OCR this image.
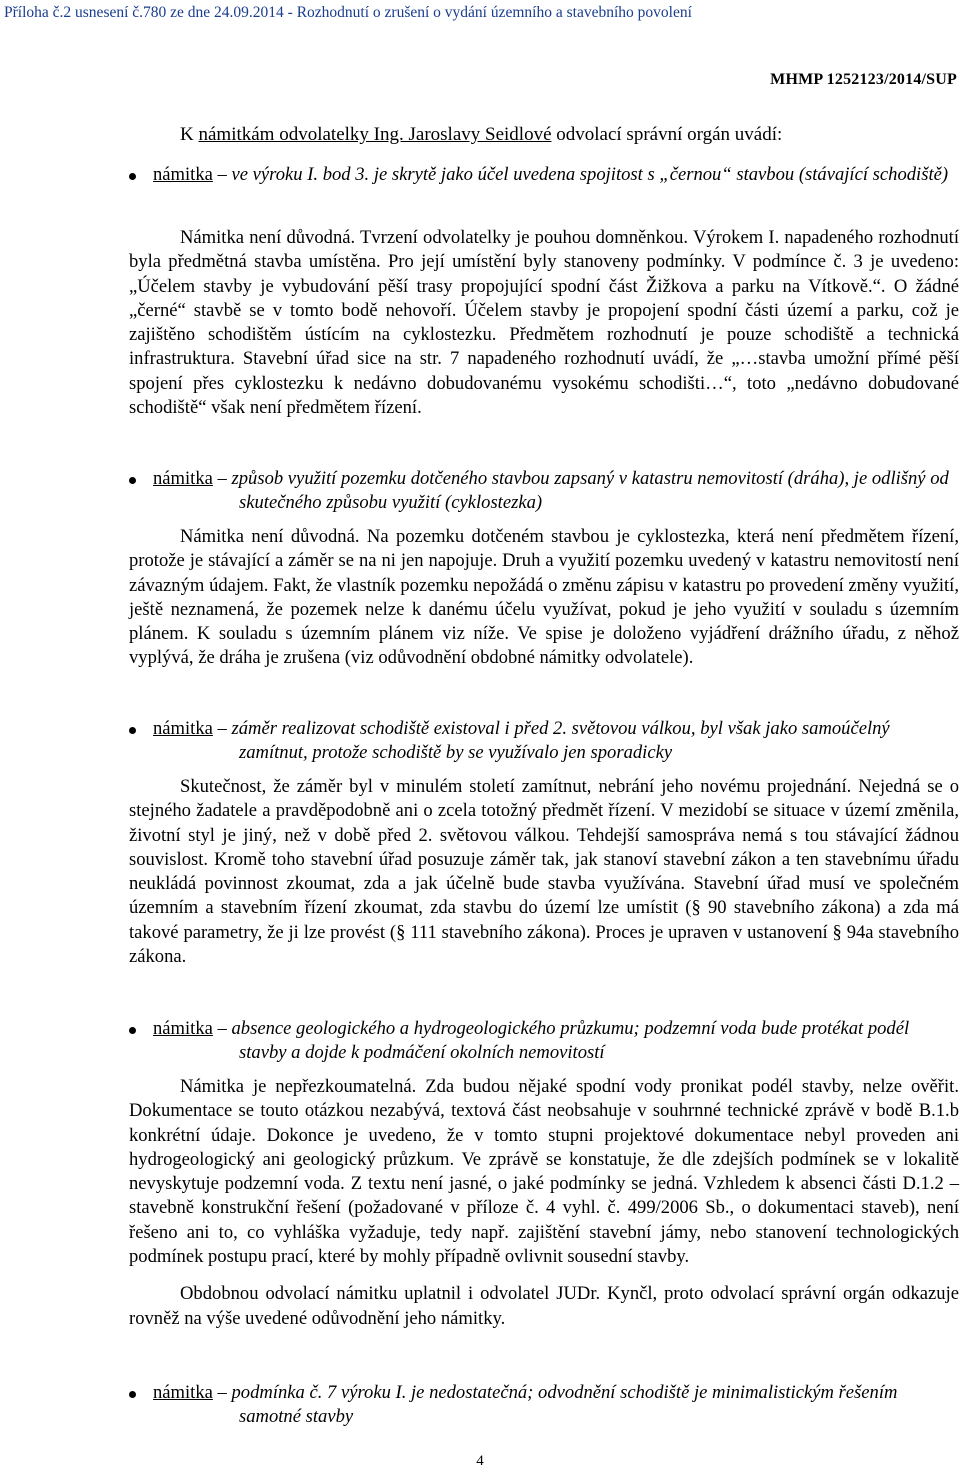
Příloha č.2 usnesení č.780 ze dne 24.09.2014 - Rozhodnutí o zrušení o vydání územního a stavebního povolení
MHMP 1252123/2014/SUP
K námitkám odvolatelky Ing. Jaroslavy Seidlové odvolací správní orgán uvádí:
námitka – ve výroku I. bod 3. je skrytě jako účel uvedena spojitost s „černou“ stavbou (stávající schodiště)

Námitka není důvodná. Tvrzení odvolatelky je pouhou domněnkou. Výrokem I. napadeného rozhodnutí byla předmětná stavba umístěna. Pro její umístění byly stanoveny podmínky. V podmínce č. 3 je uvedeno: „Účelem stavby je vybudování pěší trasy propojující spodní část Žižkova a parku na Vítkově.“. O žádné „černé“ stavbě se v tomto bodě nehovoří. Účelem stavby je propojení spodní části území a parku, což je zajištěno schodištěm ústícím na cyklostezku. Předmětem rozhodnutí je pouze schodiště a technická infrastruktura. Stavební úřad sice na str. 7 napadeného rozhodnutí uvádí, že „…stavba umožní přímé pěší spojení přes cyklostezku k nedávno dobudovanému vysokému schodišti…“, toto „nedávno dobudované schodiště“ však není předmětem řízení.

námitka – způsob využití pozemku dotčeného stavbou zapsaný v katastru nemovitostí (dráha), je odlišný od skutečného způsobu využití (cyklostezka)

Námitka není důvodná. Na pozemku dotčeném stavbou je cyklostezka, která není předmětem řízení, protože je stávající a záměr se na ni jen napojuje. Druh a využití pozemku uvedený v katastru nemovitostí není závazným údajem. Fakt, že vlastník pozemku nepožádá o změnu zápisu v katastru po provedení změny využití, ještě neznamená, že pozemek nelze k danému účelu využívat, pokud je jeho využití v souladu s územním plánem. K souladu s územním plánem viz níže. Ve spise je doloženo vyjádření drážního úřadu, z něhož vyplývá, že dráha je zrušena (viz odůvodnění obdobné námitky odvolatele).

námitka – záměr realizovat schodiště existoval i před 2. světovou válkou, byl však jako samoúčelný zamítnut, protože schodiště by se využívalo jen sporadicky

Skutečnost, že záměr byl v minulém století zamítnut, nebrání jeho novému projednání. Nejedná se o stejného žadatele a pravděpodobně ani o zcela totožný předmět řízení. V mezidobí se situace v území změnila, životní styl je jiný, než v době před 2. světovou válkou. Tehdejší samospráva nemá s tou stávající žádnou souvislost. Kromě toho stavební úřad posuzuje záměr tak, jak stanoví stavební zákon a ten stavebnímu úřadu neukládá povinnost zkoumat, zda a jak účelně bude stavba využívána. Stavební úřad musí ve společném územním a stavebním řízení zkoumat, zda stavbu do území lze umístit (§ 90 stavebního zákona) a zda má takové parametry, že ji lze provést (§ 111 stavebního zákona). Proces je upraven v ustanovení § 94a stavebního zákona.

námitka – absence geologického a hydrogeologického průzkumu; podzemní voda bude protékat podél stavby a dojde k podmáčení okolních nemovitostí

Námitka je nepřezkoumatelná. Zda budou nějaké spodní vody pronikat podél stavby, nelze ověřit. Dokumentace se touto otázkou nezabývá, textová část neobsahuje v souhrnné technické zprávě v bodě B.1.b konkrétní údaje. Dokonce je uvedeno, že v tomto stupni projektové dokumentace nebyl proveden ani hydrogeologický ani geologický průzkum. Ve zprávě se konstatuje, že dle zdejších podmínek se v lokalitě nevyskytuje podzemní voda. Z textu není jasné, o jaké podmínky se jedná. Vzhledem k absenci části D.1.2 – stavebně konstrukční řešení (požadované v příloze č. 4 vyhl. č. 499/2006 Sb., o dokumentaci staveb), není řešeno ani to, co vyhláška vyžaduje, tedy např. zajištění stavební jámy, nebo stanovení technologických podmínek postupu prací, které by mohly případně ovlivnit sousední stavby.

Obdobnou odvolací námitku uplatnil i odvolatel JUDr. Kynčl, proto odvolací správní orgán odkazuje rovněž na výše uvedené odůvodnění jeho námitky.

námitka – podmínka č. 7 výroku I. je nedostatečná; odvodnění schodiště je minimalistickým řešením samotné stavby
4
